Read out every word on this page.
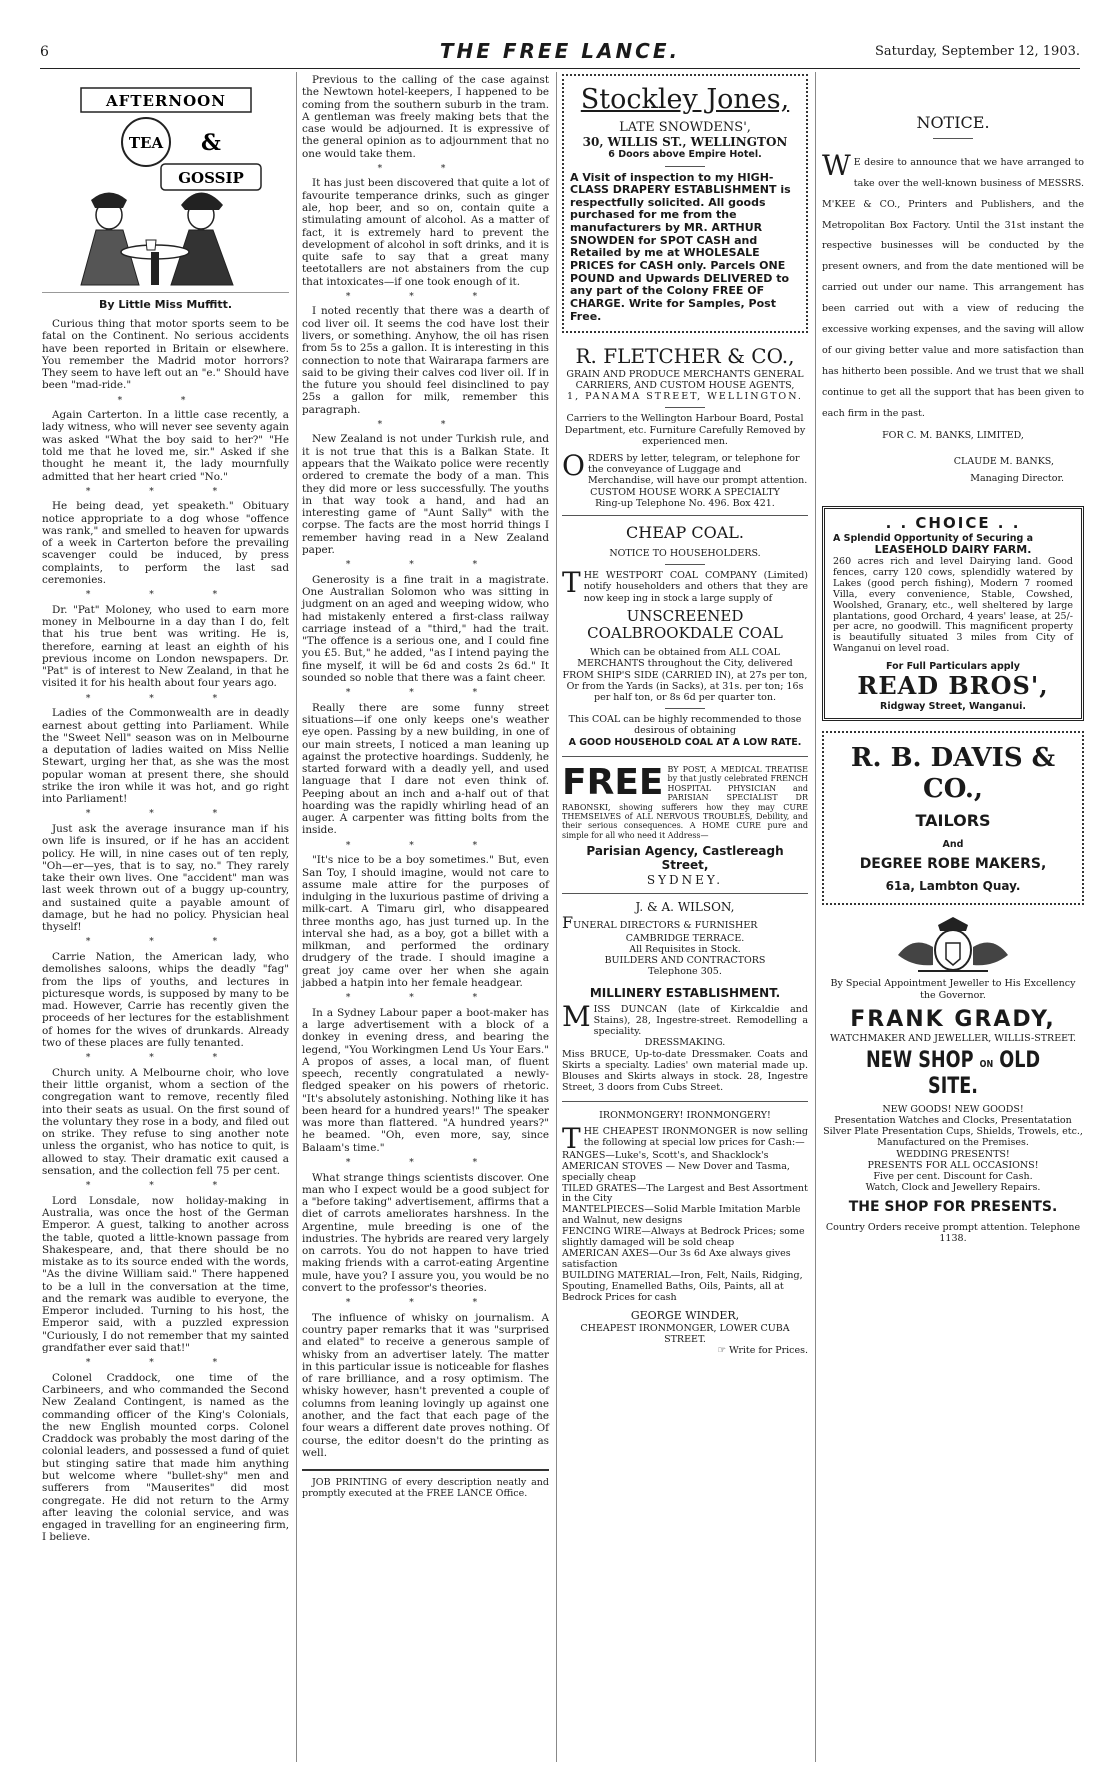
6	THE FREE LANCE.	Saturday, September 12, 1903.
AFTERNOON
TEA &
GOSSIP
By Little Miss Muffitt.

Curious thing that motor sports seem to be fatal on the Continent. No serious accidents have been reported in Britain or elsewhere. You remember the Madrid motor horrors? They seem to have left out an "e." Should have been "mad-ride."

* *

Again Carterton. In a little case recently, a lady witness, who will never see seventy again was asked "What the boy said to her?" "He told me that he loved me, sir." Asked if she thought he meant it, the lady mournfully admitted that her heart cried "No."

* * *

He being dead, yet speaketh." Obituary notice appropriate to a dog whose "offence was rank," and smelled to heaven for upwards of a week in Carterton before the prevailing scavenger could be induced, by press complaints, to perform the last sad ceremonies.

* * *

Dr. "Pat" Moloney, who used to earn more money in Melbourne in a day than I do, felt that his true bent was writing. He is, therefore, earning at least an eighth of his previous income on London newspapers. Dr. "Pat" is of interest to New Zealand, in that he visited it for his health about four years ago.

* * *

Ladies of the Commonwealth are in deadly earnest about getting into Parliament. While the "Sweet Nell" season was on in Melbourne a deputation of ladies waited on Miss Nellie Stewart, urging her that, as she was the most popular woman at present there, she should strike the iron while it was hot, and go right into Parliament!

* * *

Just ask the average insurance man if his own life is insured, or if he has an accident policy. He will, in nine cases out of ten reply, "Oh—er—yes, that is to say, no." They rarely take their own lives. One "accident" man was last week thrown out of a buggy up-country, and sustained quite a payable amount of damage, but he had no policy. Physician heal thyself!

* * *

Carrie Nation, the American lady, who demolishes saloons, whips the deadly "fag" from the lips of youths, and lectures in picturesque words, is supposed by many to be mad. However, Carrie has recently given the proceeds of her lectures for the establishment of homes for the wives of drunkards. Already two of these places are fully tenanted.

* * *

Church unity. A Melbourne choir, who love their little organist, whom a section of the congregation want to remove, recently filed into their seats as usual. On the first sound of the voluntary they rose in a body, and filed out on strike. They refuse to sing another note unless the organist, who has notice to quit, is allowed to stay. Their dramatic exit caused a sensation, and the collection fell 75 per cent.

* * *

Lord Lonsdale, now holiday-making in Australia, was once the host of the German Emperor. A guest, talking to another across the table, quoted a little-known passage from Shakespeare, and, that there should be no mistake as to its source ended with the words, "As the divine William said." There happened to be a lull in the conversation at the time, and the remark was audible to everyone, the Emperor included. Turning to his host, the Emperor said, with a puzzled expression "Curiously, I do not remember that my sainted grandfather ever said that!"

* * *

Colonel Craddock, one time of the Carbineers, and who commanded the Second New Zealand Contingent, is named as the commanding officer of the King's Colonials, the new English mounted corps. Colonel Craddock was probably the most daring of the colonial leaders, and possessed a fund of quiet but stinging satire that made him anything but welcome where "bullet-shy" men and sufferers from "Mauserites" did most congregate. He did not return to the Army after leaving the colonial service, and was engaged in travelling for an engineering firm, I believe.

Previous to the calling of the case against the Newtown hotel-keepers, I happened to be coming from the southern suburb in the tram. A gentleman was freely making bets that the case would be adjourned. It is expressive of the general opinion as to adjournment that no one would take them.

* *

It has just been discovered that quite a lot of favourite temperance drinks, such as ginger ale, hop beer, and so on, contain quite a stimulating amount of alcohol. As a matter of fact, it is extremely hard to prevent the development of alcohol in soft drinks, and it is quite safe to say that a great many teetotallers are not abstainers from the cup that intoxicates—if one took enough of it.

* * *

I noted recently that there was a dearth of cod liver oil. It seems the cod have lost their livers, or something. Anyhow, the oil has risen from 5s to 25s a gallon. It is interesting in this connection to note that Wairarapa farmers are said to be giving their calves cod liver oil. If in the future you should feel disinclined to pay 25s a gallon for milk, remember this paragraph.

* *

New Zealand is not under Turkish rule, and it is not true that this is a Balkan State. It appears that the Waikato police were recently ordered to cremate the body of a man. This they did more or less successfully. The youths in that way took a hand, and had an interesting game of "Aunt Sally" with the corpse. The facts are the most horrid things I remember having read in a New Zealand paper.

* * *

Generosity is a fine trait in a magistrate. One Australian Solomon who was sitting in judgment on an aged and weeping widow, who had mistakenly entered a first-class railway carriage instead of a "third," had the trait. "The offence is a serious one, and I could fine you £5. But," he added, "as I intend paying the fine myself, it will be 6d and costs 2s 6d." It sounded so noble that there was a faint cheer.

* * *

Really there are some funny street situations—if one only keeps one's weather eye open. Passing by a new building, in one of our main streets, I noticed a man leaning up against the protective hoardings. Suddenly, he started forward with a deadly yell, and used language that I dare not even think of. Peeping about an inch and a-half out of that hoarding was the rapidly whirling head of an auger. A carpenter was fitting bolts from the inside.

* * *

"It's nice to be a boy sometimes." But, even San Toy, I should imagine, would not care to assume male attire for the purposes of indulging in the luxurious pastime of driving a milk-cart. A Timaru girl, who disappeared three months ago, has just turned up. In the interval she had, as a boy, got a billet with a milkman, and performed the ordinary drudgery of the trade. I should imagine a great joy came over her when she again jabbed a hatpin into her female headgear.

* * *

In a Sydney Labour paper a boot-maker has a large advertisement with a block of a donkey in evening dress, and bearing the legend, "You Workingmen Lend Us Your Ears." A propos of asses, a local man, of fluent speech, recently congratulated a newly-fledged speaker on his powers of rhetoric. "It's absolutely astonishing. Nothing like it has been heard for a hundred years!" The speaker was more than flattered. "A hundred years?" he beamed. "Oh, even more, say, since Balaam's time."

* * *

What strange things scientists discover. One man who I expect would be a good subject for a "before taking" advertisement, affirms that a diet of carrots ameliorates harshness. In the Argentine, mule breeding is one of the industries. The hybrids are reared very largely on carrots. You do not happen to have tried making friends with a carrot-eating Argentine mule, have you? I assure you, you would be no convert to the professor's theories.

* * *

The influence of whisky on journalism. A country paper remarks that it was "surprised and elated" to receive a generous sample of whisky from an advertiser lately. The matter in this particular issue is noticeable for flashes of rare brilliance, and a rosy optimism. The whisky however, hasn't prevented a couple of columns from leaning lovingly up against one another, and the fact that each page of the four wears a different date proves nothing. Of course, the editor doesn't do the printing as well.

JOB PRINTING of every description neatly and promptly executed at the FREE LANCE Office.

Stockley Jones,
LATE SNOWDENS',
30, WILLIS ST., WELLINGTON
6 Doors above Empire Hotel.
A Visit of inspection to my HIGH-CLASS DRAPERY ESTABLISHMENT is respectfully solicited. All goods purchased for me from the manufacturers by MR. ARTHUR SNOWDEN for SPOT CASH and Retailed by me at WHOLESALE PRICES for CASH only. Parcels ONE POUND and Upwards DELIVERED to any part of the Colony FREE OF CHARGE. Write for Samples, Post Free.
R. FLETCHER & CO.,
GRAIN AND PRODUCE MERCHANTS GENERAL CARRIERS, AND CUSTOM HOUSE AGENTS,
1, PANAMA STREET, WELLINGTON.
Carriers to the Wellington Harbour Board, Postal Department, etc. Furniture Carefully Removed by experienced men.
ORDERS by letter, telegram, or telephone for the conveyance of Luggage and Merchandise, will have our prompt attention.
CUSTOM HOUSE WORK A SPECIALTY
Ring-up Telephone No. 496. Box 421.
CHEAP COAL.
NOTICE TO HOUSEHOLDERS.
THE WESTPORT COAL COMPANY (Limited) notify householders and others that they are now keep ing in stock a large supply of
UNSCREENED COALBROOKDALE COAL
Which can be obtained from ALL COAL MERCHANTS throughout the City, delivered FROM SHIP'S SIDE (CARRIED IN), at 27s per ton, Or from the Yards (in Sacks), at 31s. per ton; 16s per half ton, or 8s 6d per quarter ton.
This COAL can be highly recommended to those desirous of obtaining
A GOOD HOUSEHOLD COAL AT A LOW RATE.
FREE BY POST, A MEDICAL TREATISE by that justly celebrated FRENCH HOSPITAL PHYSICIAN and PARISIAN SPECIALIST DR RABONSKI, showing sufferers how they may CURE THEMSELVES of ALL NERVOUS TROUBLES, Debility, and their serious consequences. A HOME CURE pure and simple for all who need it Address—
Parisian Agency, Castlereagh Street,
SYDNEY.
J. & A. WILSON,
FUNERAL DIRECTORS & FURNISHER
CAMBRIDGE TERRACE.
All Requisites in Stock.
BUILDERS AND CONTRACTORS
Telephone 305.
MILLINERY ESTABLISHMENT.
MISS DUNCAN (late of Kirkcaldie and Stains), 28, Ingestre-street. Remodelling a speciality.
DRESSMAKING.
Miss BRUCE, Up-to-date Dressmaker. Coats and Skirts a specialty. Ladies' own material made up. Blouses and Skirts always in stock. 28, Ingestre Street, 3 doors from Cubs Street.
IRONMONGERY! IRONMONGERY!
THE CHEAPEST IRONMONGER is now selling the following at special low prices for Cash:—
RANGES—Luke's, Scott's, and Shacklock's
AMERICAN STOVES — New Dover and Tasma, specially cheap
TILED GRATES—The Largest and Best Assortment in the City
MANTELPIECES—Solid Marble Imitation Marble and Walnut, new designs
FENCING WIRE—Always at Bedrock Prices; some slightly damaged will be sold cheap
AMERICAN AXES—Our 3s 6d Axe always gives satisfaction
BUILDING MATERIAL—Iron, Felt, Nails, Ridging, Spouting, Enamelled Baths, Oils, Paints, all at Bedrock Prices for cash
GEORGE WINDER,
CHEAPEST IRONMONGER, LOWER CUBA STREET.
☞ Write for Prices.
NOTICE.

W E desire to announce that we have arranged to take over the well-known business of MESSRS. M'KEE & CO., Printers and Publishers, and the Metropolitan Box Factory. Until the 31st instant the respective businesses will be conducted by the present owners, and from the date mentioned will be carried out under our name. This arrangement has been carried out with a view of reducing the excessive working expenses, and the saving will allow of our giving better value and more satisfaction than has hitherto been possible. And we trust that we shall continue to get all the support that has been given to each firm in the past.

FOR C. M. BANKS, LIMITED,
CLAUDE M. BANKS,
Managing Director.
. . CHOICE . .
A Splendid Opportunity of Securing a
LEASEHOLD DAIRY FARM.
260 acres rich and level Dairying land. Good fences, carry 120 cows, splendidly watered by Lakes (good perch fishing), Modern 7 roomed Villa, every convenience, Stable, Cowshed, Woolshed, Granary, etc., well sheltered by large plantations, good Orchard, 4 years' lease, at 25/- per acre, no goodwill. This magnificent property is beautifully situated 3 miles from City of Wanganui on level road.
For Full Particulars apply
READ BROS',
Ridgway Street, Wanganui.
R. B. DAVIS & CO.,
TAILORS
And
DEGREE ROBE MAKERS,
61a, Lambton Quay.
By Special Appointment Jeweller to His Excellency the Governor.
FRANK GRADY,
WATCHMAKER AND JEWELLER, WILLIS-STREET.
NEW SHOP ON OLD SITE.
NEW GOODS! NEW GOODS!
Presentation Watches and Clocks, Presentatation Silver Plate Presentation Cups, Shields, Trowels, etc., Manufactured on the Premises.
WEDDING PRESENTS!
PRESENTS FOR ALL OCCASIONS!
Five per cent. Discount for Cash.
Watch, Clock and Jewellery Repairs.
THE SHOP FOR PRESENTS.
Country Orders receive prompt attention. Telephone 1138.
